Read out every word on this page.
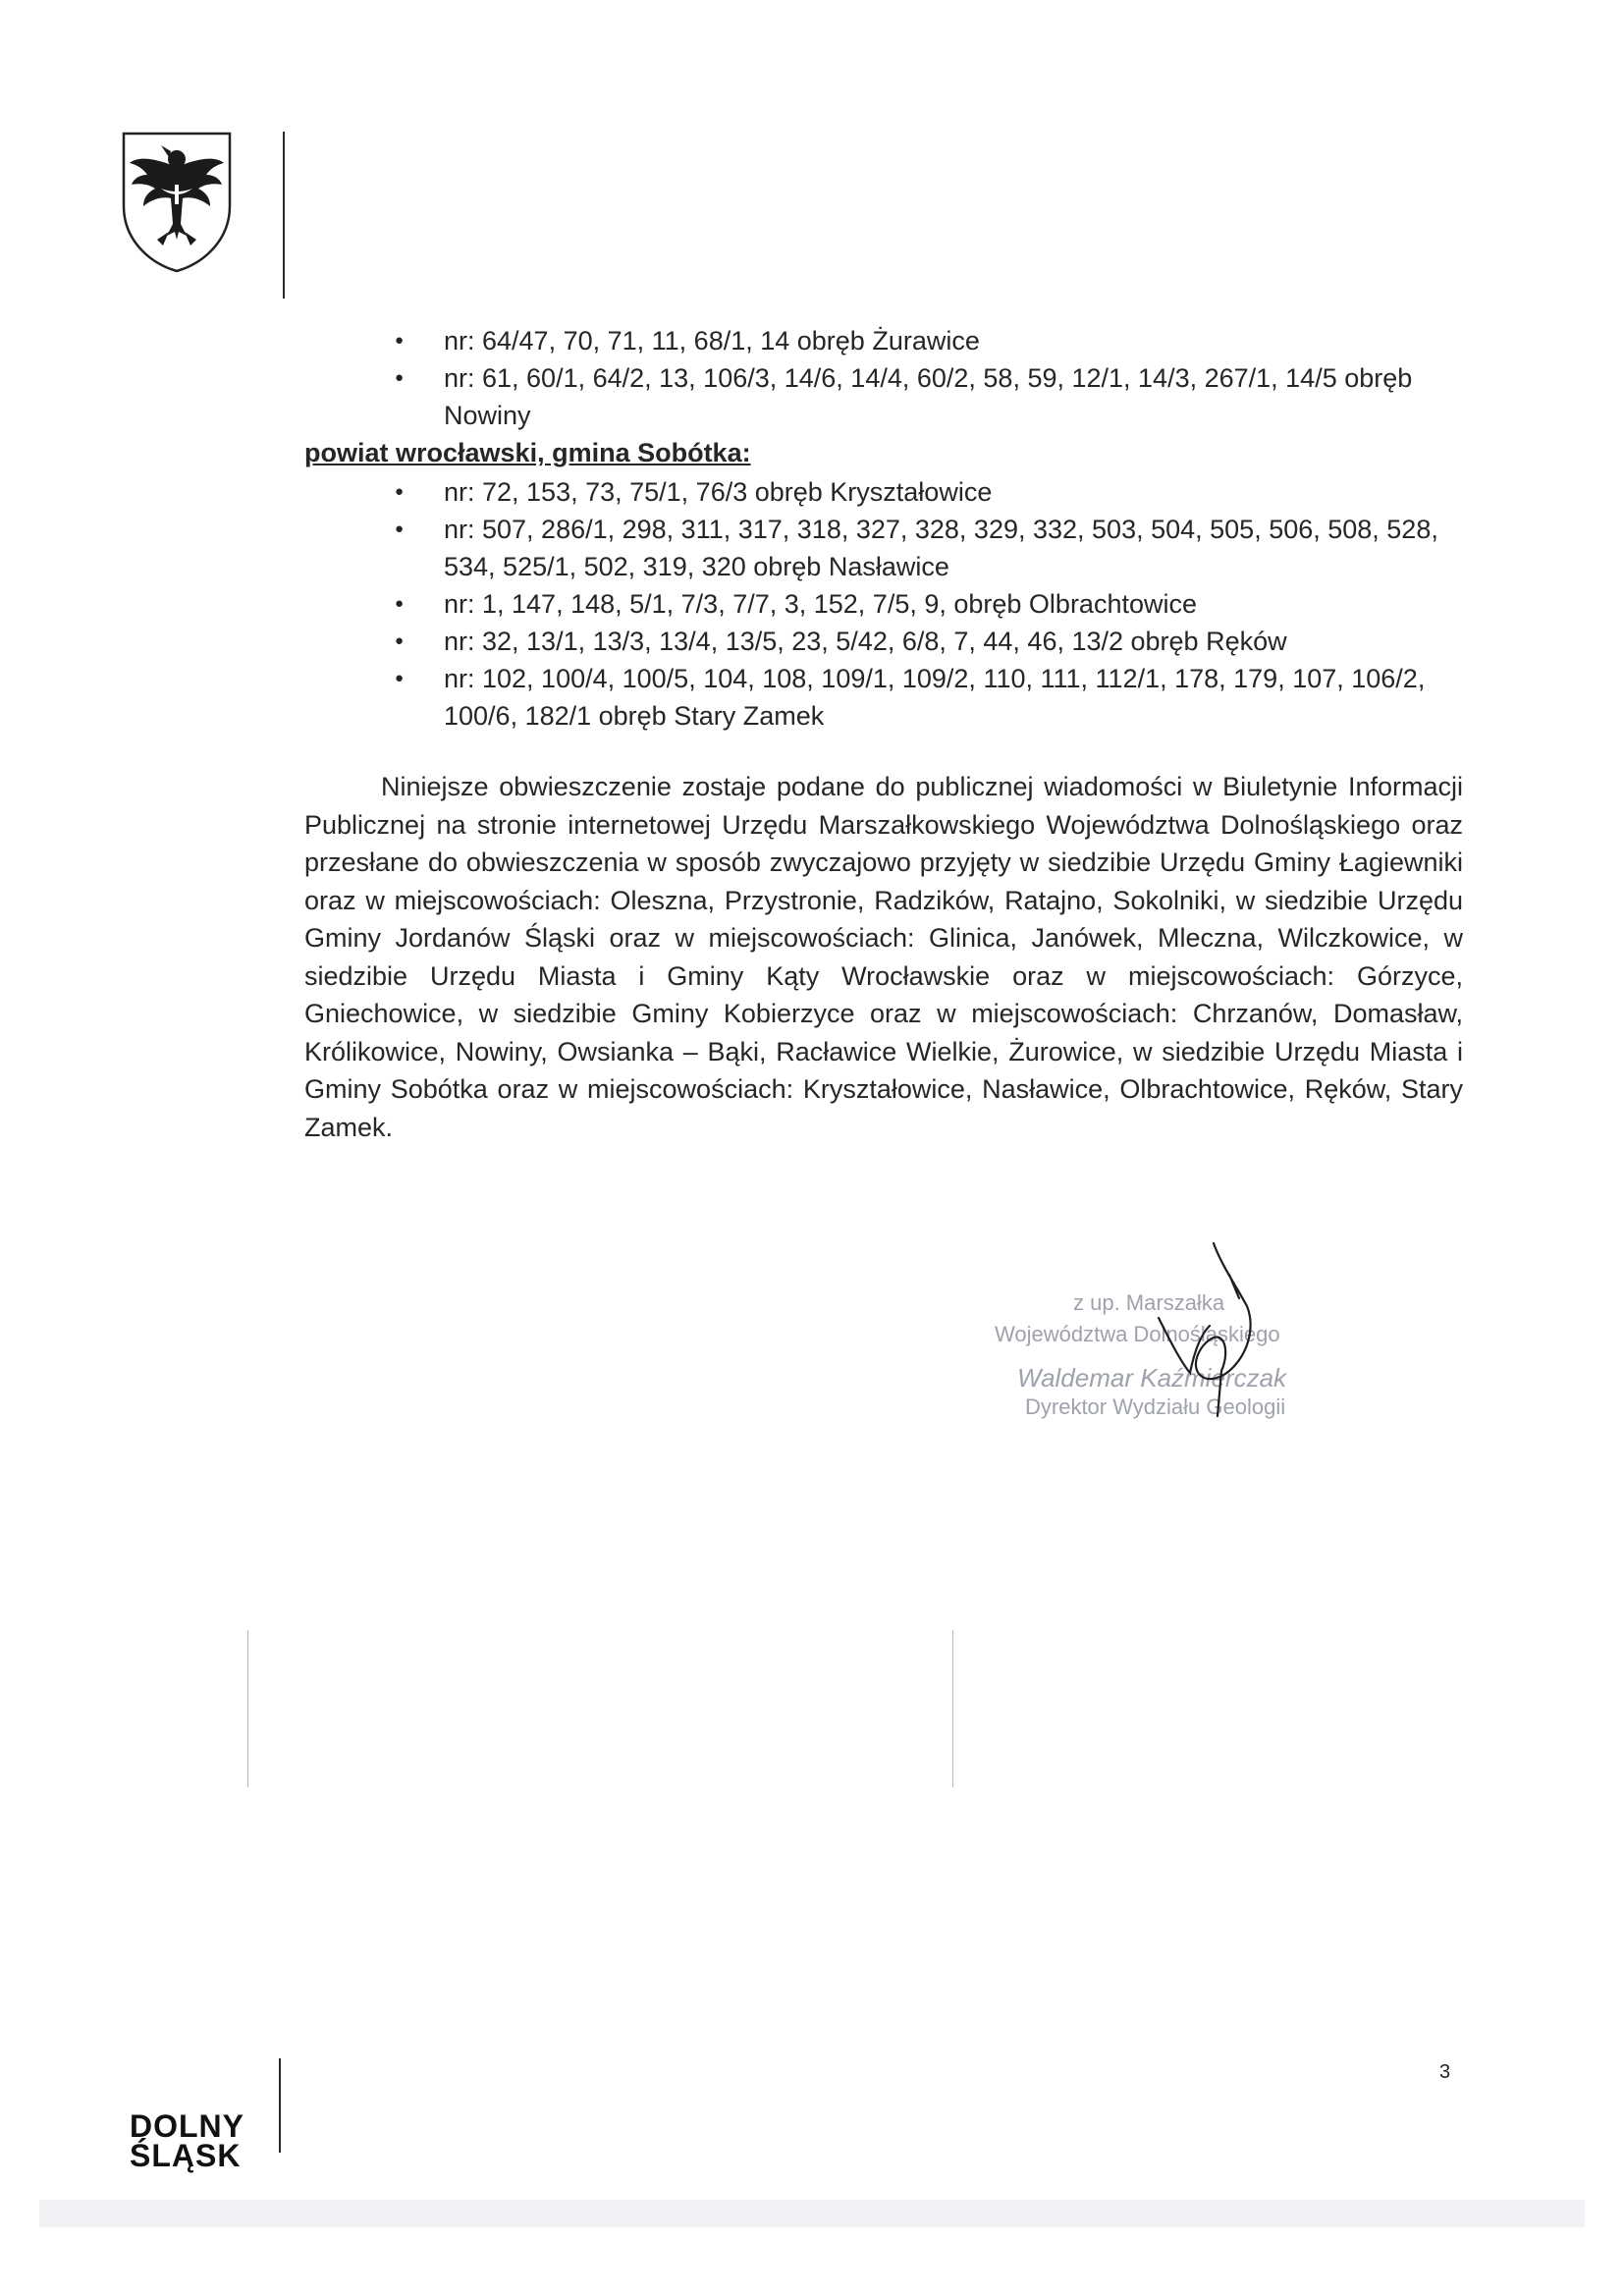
● nr: 64/47, 70, 71, 11, 68/1, 14 obręb Żurawice
● nr: 61, 60/1, 64/2, 13, 106/3, 14/6, 14/4, 60/2, 58, 59, 12/1, 14/3, 267/1, 14/5 obręb Nowiny
powiat wrocławski, gmina Sobótka:
● nr: 72, 153, 73, 75/1, 76/3 obręb Kryształowice
● nr: 507, 286/1, 298, 311, 317, 318, 327, 328, 329, 332, 503, 504, 505, 506, 508, 528, 534, 525/1, 502, 319, 320 obręb Nasławice
● nr: 1, 147, 148, 5/1, 7/3, 7/7, 3, 152, 7/5, 9, obręb Olbrachtowice
● nr: 32, 13/1, 13/3, 13/4, 13/5, 23, 5/42, 6/8, 7, 44, 46, 13/2 obręb Ręków
● nr: 102, 100/4, 100/5, 104, 108, 109/1, 109/2, 110, 111, 112/1, 178, 179, 107, 106/2, 100/6, 182/1 obręb Stary Zamek

Niniejsze obwieszczenie zostaje podane do publicznej wiadomości w Biuletynie Informacji Publicznej na stronie internetowej Urzędu Marszałkowskiego Województwa Dolnośląskiego oraz przesłane do obwieszczenia w sposób zwyczajowo przyjęty w siedzibie Urzędu Gminy Łagiewniki oraz w miejscowościach: Oleszna, Przystronie, Radzików, Ratajno, Sokolniki, w siedzibie Urzędu Gminy Jordanów Śląski oraz w miejscowościach: Glinica, Janówek, Mleczna, Wilczkowice, w siedzibie Urzędu Miasta i Gminy Kąty Wrocławskie oraz w miejscowościach: Górzyce, Gniechowice, w siedzibie Gminy Kobierzyce oraz w miejscowościach: Chrzanów, Domasław, Królikowice, Nowiny, Owsianka – Bąki, Racławice Wielkie, Żurowice, w siedzibie Urzędu Miasta i Gminy Sobótka oraz w miejscowościach: Kryształowice, Nasławice, Olbrachtowice, Ręków, Stary Zamek.

z up. Marszałka
Województwa Dolnośląskiego
Waldemar Kaźmierczak
Dyrektor Wydziału Geologii
3
DOLNY
ŚLĄSK
